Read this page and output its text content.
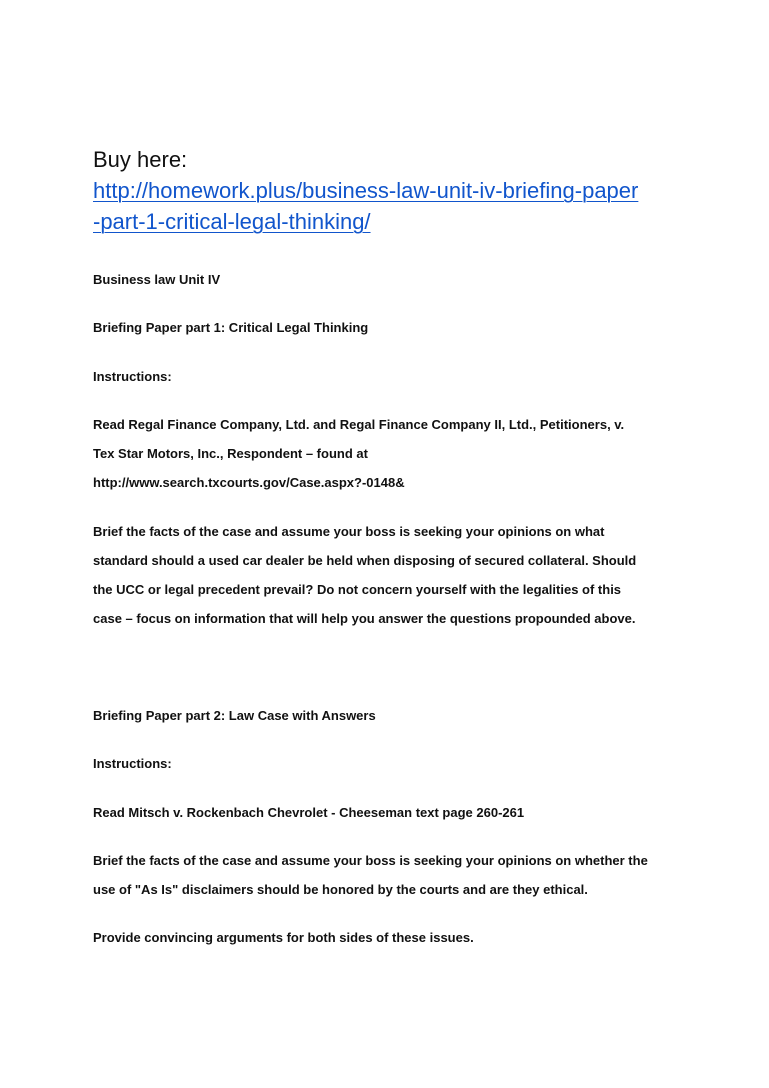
Buy here:
http://homework.plus/business-law-unit-iv-briefing-paper
-part-1-critical-legal-thinking/
Business law Unit IV
Briefing Paper part 1: Critical Legal Thinking
Instructions:
Read Regal Finance Company, Ltd. and Regal Finance Company II, Ltd., Petitioners, v.
Tex Star Motors, Inc., Respondent – found at
http://www.search.txcourts.gov/Case.aspx?-0148&
Brief the facts of the case and assume your boss is seeking your opinions on what
standard should a used car dealer be held when disposing of secured collateral. Should
the UCC or legal precedent prevail? Do not concern yourself with the legalities of this
case – focus on information that will help you answer the questions propounded above.
Briefing Paper part 2: Law Case with Answers
Instructions:
Read Mitsch v. Rockenbach Chevrolet - Cheeseman text page 260-261
Brief the facts of the case and assume your boss is seeking your opinions on whether the
use of "As Is" disclaimers should be honored by the courts and are they ethical.
Provide convincing arguments for both sides of these issues.
